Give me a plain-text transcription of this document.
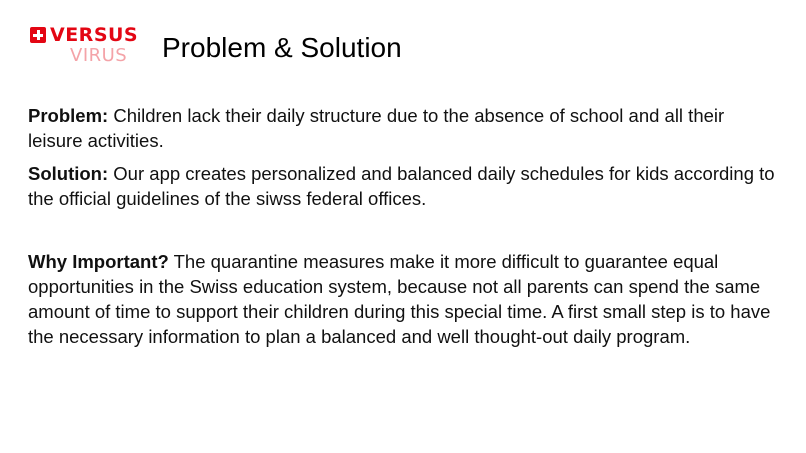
VERSUS
VIRUS Problem & Solution

Problem: Children lack their daily structure due to the absence of school and all their leisure activities.

Solution: Our app creates personalized and balanced daily schedules for kids according to the official guidelines of the siwss federal offices.

Why Important? The quarantine measures make it more difficult to guarantee equal opportunities in the Swiss education system, because not all parents can spend the same amount of time to support their children during this special time. A first small step is to have the necessary information to plan a balanced and well thought-out daily program.
